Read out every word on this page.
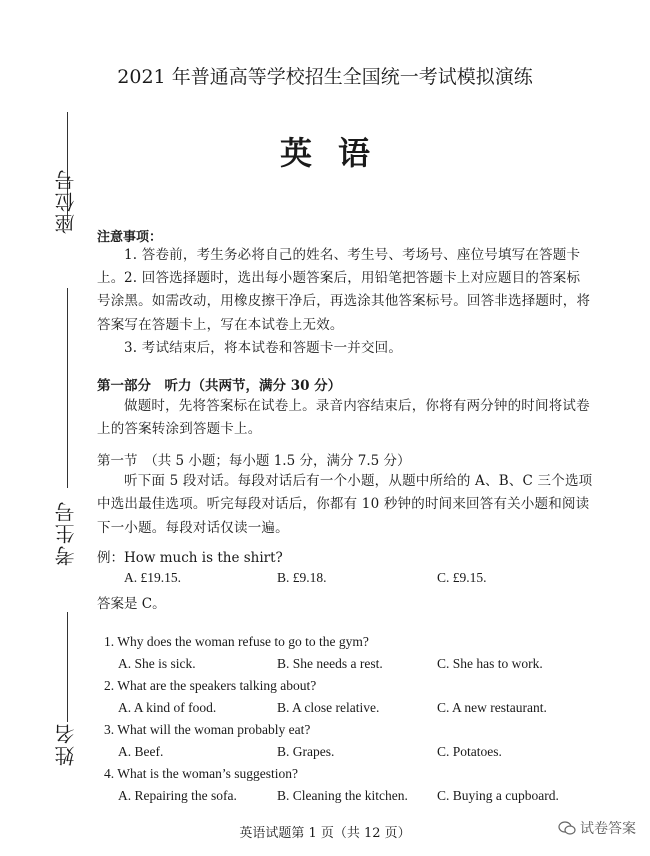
2021 年普通高等学校招生全国统一考试模拟演练
英语
座位号
考生号
姓名
注意事项：
1. 答卷前，考生务必将自己的姓名、考生号、考场号、座位号填写在答题卡上。 2. 回答选择题时，选出每小题答案后，用铅笔把答题卡上对应题目的答案标号涂黑。如需改动，用橡皮擦干净后，再选涂其他答案标号。回答非选择题时，将答案写在答题卡上，写在本试卷上无效。
3. 考试结束后，将本试卷和答题卡一并交回。
第一部分　听力（共两节，满分 30 分）
做题时，先将答案标在试卷上。录音内容结束后，你将有两分钟的时间将试卷上的答案转涂到答题卡上。
第一节　（共 5 小题；每小题 1.5 分，满分 7.5 分）
听下面 5 段对话。每段对话后有一个小题，从题中所给的 A、B、C 三个选项中选出最佳选项。听完每段对话后，你都有 10 秒钟的时间来回答有关小题和阅读下一小题。每段对话仅读一遍。
例：How much is the shirt?
A. £19.15.	B. £9.18.	C. £9.15.
答案是 C。
1. Why does the woman refuse to go to the gym?
A. She is sick.	B. She needs a rest.	C. She has to work.
2. What are the speakers talking about?
A. A kind of food.	B. A close relative.	C. A new restaurant.
3. What will the woman probably eat?
A. Beef.	B. Grapes.	C. Potatoes.
4. What is the woman’s suggestion?
A. Repairing the sofa.	B. Cleaning the kitchen. C. Buying a cupboard.
英语试题第 1 页（共 12 页）	试卷答案
